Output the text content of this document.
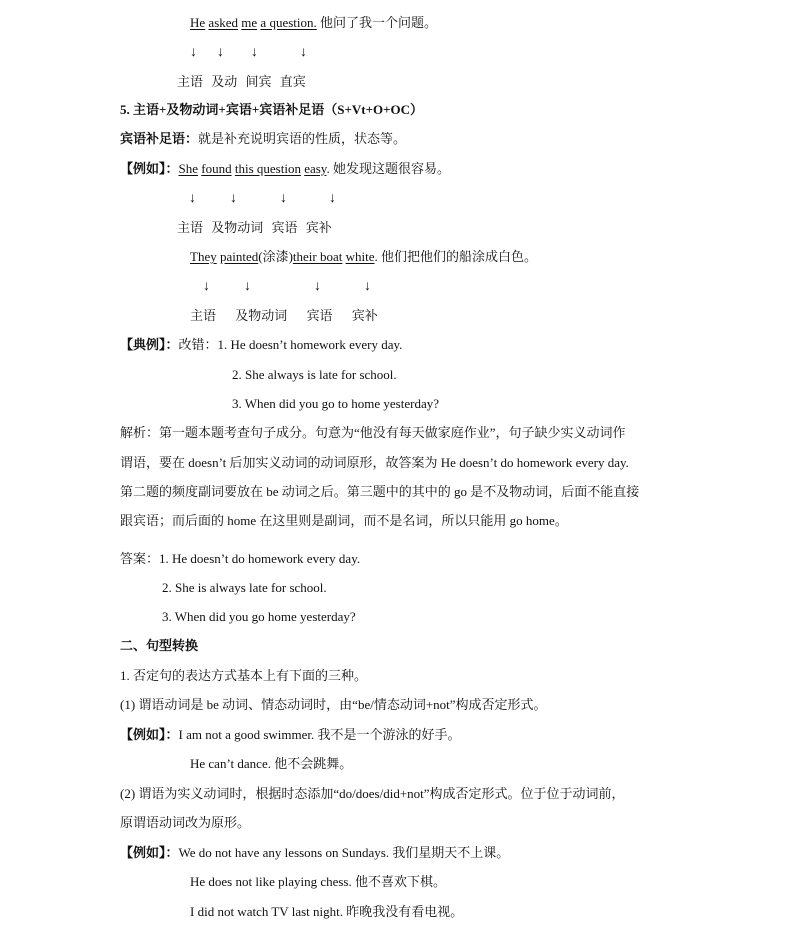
He asked me a question. 他问了我一个问题。
↓ ↓ ↓	↓
主语 及动 间宾 直宾
5. 主语+及物动词+宾语+宾语补足语（S+Vt+O+OC）
宾语补足语：就是补充说明宾语的性质，状态等。
【例如】：She found this question easy. 她发现这题很容易。
↓ ↓	↓	↓
主语 及物动词 宾语 宾补
They painted(涂漆)their boat white. 他们把他们的船涂成白色。
↓ ↓	↓	↓
主语 及物动词 宾语 宾补
【典例】：改错：1. He doesn’t homework every day.
2. She always is late for school.
3. When did you go to home yesterday?
解析：第一题本题考查句子成分。句意为“他没有每天做家庭作业”，句子缺少实义动词作
谓语，要在 doesn’t 后加实义动词的动词原形，故答案为 He doesn’t do homework every day.
第二题的频度副词要放在 be 动词之后。第三题中的其中的 go 是不及物动词，后面不能直接
跟宾语；而后面的 home 在这里则是副词，而不是名词，所以只能用 go home。
答案：1. He doesn’t do homework every day.
2. She is always late for school.
3. When did you go home yesterday?
二、句型转换
1. 否定句的表达方式基本上有下面的三种。
(1) 谓语动词是 be 动词、情态动词时，由“be/情态动词+not”构成否定形式。
【例如】：I am not a good swimmer. 我不是一个游泳的好手。
He can’t dance. 他不会跳舞。
(2) 谓语为实义动词时，根据时态添加“do/does/did+not”构成否定形式。位于位于动词前，
原谓语动词改为原形。
【例如】：We do not have any lessons on Sundays. 我们星期天不上课。
He does not like playing chess. 他不喜欢下棋。
I did not watch TV last night. 昨晚我没有看电视。
